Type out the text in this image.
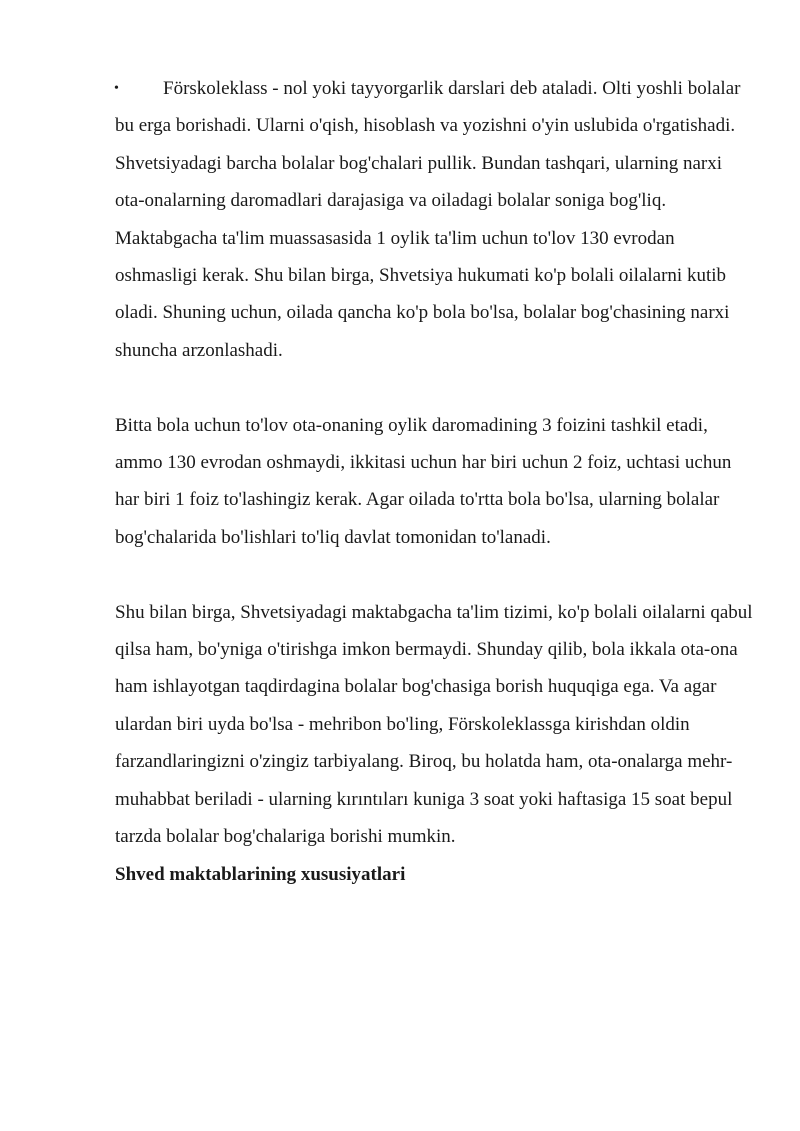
• Förskoleklass - nol yoki tayyorgarlik darslari deb ataladi. Olti yoshli bolalar bu erga borishadi. Ularni o'qish, hisoblash va yozishni o'yin uslubida o'rgatishadi.

Shvetsiyadagi barcha bolalar bog'chalari pullik. Bundan tashqari, ularning narxi ota-onalarning daromadlari darajasiga va oiladagi bolalar soniga bog'liq. Maktabgacha ta'lim muassasasida 1 oylik ta'lim uchun to'lov 130 evrodan oshmasligi kerak. Shu bilan birga, Shvetsiya hukumati ko'p bolali oilalarni kutib oladi. Shuning uchun, oilada qancha ko'p bola bo'lsa, bolalar bog'chasining narxi shuncha arzonlashadi.

Bitta bola uchun to'lov ota-onaning oylik daromadining 3 foizini tashkil etadi, ammo 130 evrodan oshmaydi, ikkitasi uchun har biri uchun 2 foiz, uchtasi uchun har biri 1 foiz to'lashingiz kerak. Agar oilada to'rtta bola bo'lsa, ularning bolalar bog'chalarida bo'lishlari to'liq davlat tomonidan to'lanadi.

Shu bilan birga, Shvetsiyadagi maktabgacha ta'lim tizimi, ko'p bolali oilalarni qabul qilsa ham, bo'yniga o'tirishga imkon bermaydi. Shunday qilib, bola ikkala ota-ona ham ishlayotgan taqdirdagina bolalar bog'chasiga borish huquqiga ega. Va agar ulardan biri uyda bo'lsa - mehribon bo'ling, Förskoleklassga kirishdan oldin farzandlaringizni o'zingiz tarbiyalang. Biroq, bu holatda ham, ota-onalarga mehr-muhabbat beriladi - ularning kırıntıları kuniga 3 soat yoki haftasiga 15 soat bepul tarzda bolalar bog'chalariga borishi mumkin.

Shved maktablarining xususiyatlari
